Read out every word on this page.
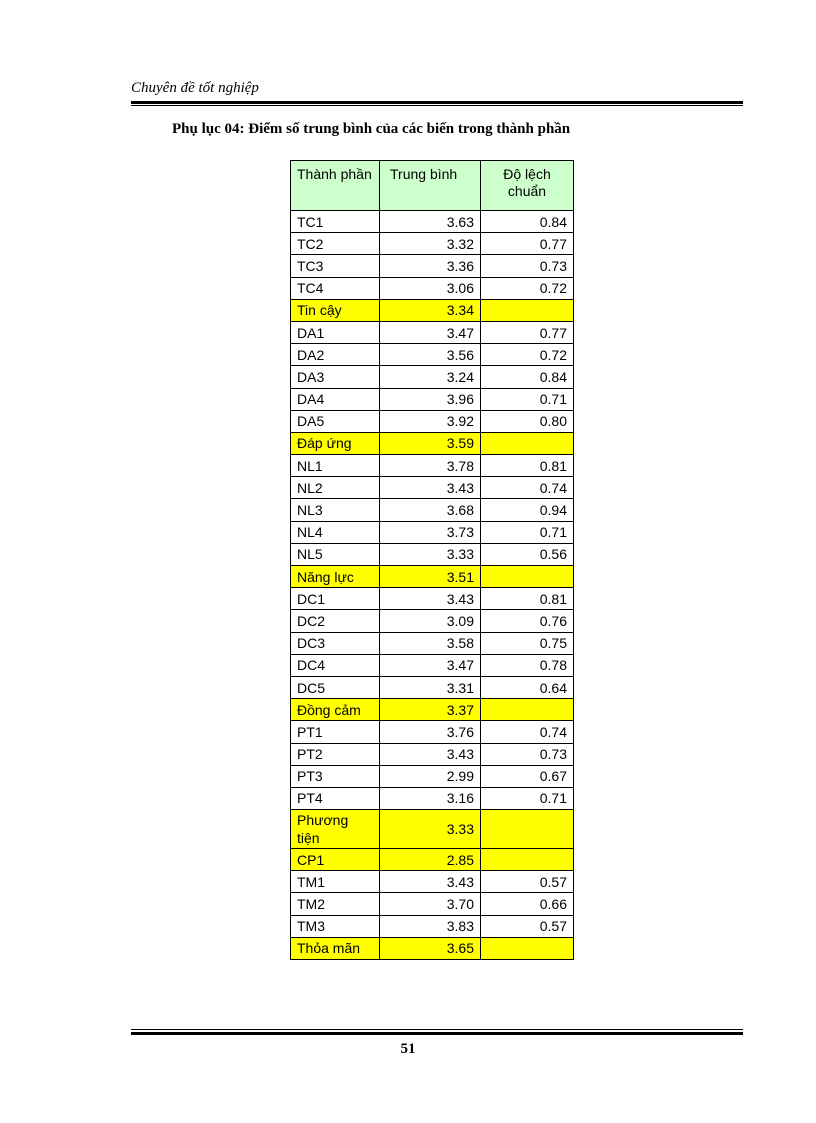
Chuyên đề tốt nghiệp
Phụ lục 04: Điểm số trung bình của các biến trong thành phần
Thành phần	Trung bình	Độ lệch chuẩn
TC1	3.63	0.84
TC2	3.32	0.77
TC3	3.36	0.73
TC4	3.06	0.72
Tin cậy	3.34	
DA1	3.47	0.77
DA2	3.56	0.72
DA3	3.24	0.84
DA4	3.96	0.71
DA5	3.92	0.80
Đáp ứng	3.59	
NL1	3.78	0.81
NL2	3.43	0.74
NL3	3.68	0.94
NL4	3.73	0.71
NL5	3.33	0.56
Năng lực	3.51	
DC1	3.43	0.81
DC2	3.09	0.76
DC3	3.58	0.75
DC4	3.47	0.78
DC5	3.31	0.64
Đồng cảm	3.37	
PT1	3.76	0.74
PT2	3.43	0.73
PT3	2.99	0.67
PT4	3.16	0.71
Phương tiện	3.33	
CP1	2.85	
TM1	3.43	0.57
TM2	3.70	0.66
TM3	3.83	0.57
Thỏa mãn	3.65	
51
